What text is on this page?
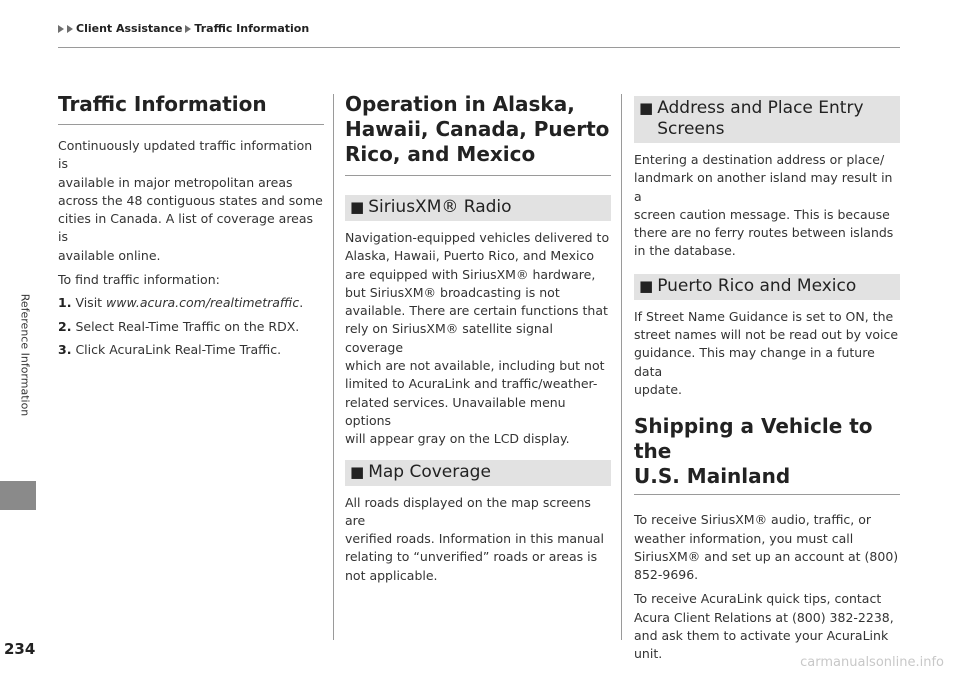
Client Assistance Traffic Information
Reference Information
234
Traffic Information
Continuously updated traffic information is
available in major metropolitan areas
across the 48 contiguous states and some
cities in Canada. A list of coverage areas is
available online.
To find traffic information:
1. Visit www.acura.com/realtimetraffic.
2. Select Real-Time Traffic on the RDX.
3. Click AcuraLink Real-Time Traffic.
Operation in Alaska,
Hawaii, Canada, Puerto
Rico, and Mexico
■ SiriusXM® Radio
Navigation-equipped vehicles delivered to
Alaska, Hawaii, Puerto Rico, and Mexico
are equipped with SiriusXM® hardware,
but SiriusXM® broadcasting is not
available. There are certain functions that
rely on SiriusXM® satellite signal coverage
which are not available, including but not
limited to AcuraLink and traffic/weather-
related services. Unavailable menu options
will appear gray on the LCD display.
■ Map Coverage
All roads displayed on the map screens are
verified roads. Information in this manual
relating to “unverified” roads or areas is
not applicable.
■ Address and Place Entry
Screens
Entering a destination address or place/
landmark on another island may result in a
screen caution message. This is because
there are no ferry routes between islands
in the database.
■ Puerto Rico and Mexico
If Street Name Guidance is set to ON, the
street names will not be read out by voice
guidance. This may change in a future data
update.
Shipping a Vehicle to the
U.S. Mainland
To receive SiriusXM® audio, traffic, or
weather information, you must call
SiriusXM® and set up an account at (800)
852-9696.
To receive AcuraLink quick tips, contact
Acura Client Relations at (800) 382-2238,
and ask them to activate your AcuraLink
unit.
carmanualsonline.info
